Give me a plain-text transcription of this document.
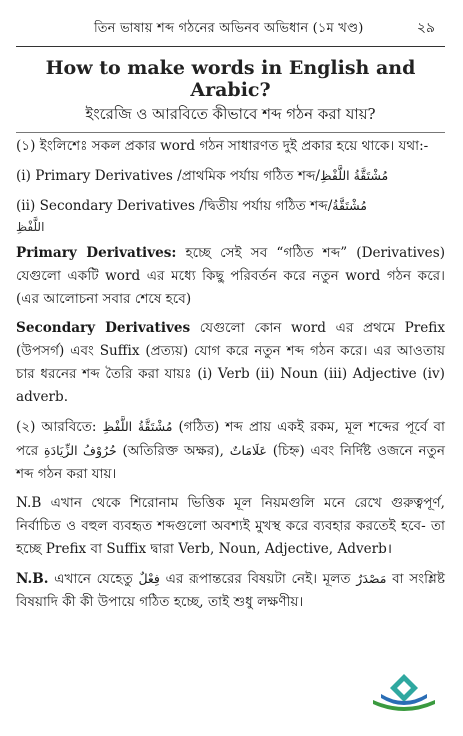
তিন ভাষায় শব্দ গঠনের অভিনব অভিধান (১ম খণ্ড)	২৯
How to make words in English and Arabic?
ইংরেজি ও আরবিতে কীভাবে শব্দ গঠন করা যায়?

(১) ইংলিশেঃ সকল প্রকার word গঠন সাধারণত দুই প্রকার হয়ে থাকে। যথা:-

(i) Primary Derivatives /প্রাথমিক পর্যায় গঠিত শব্দ/مُشْتَقَّةُ اللَّفْظِ

(ii) Secondary Derivatives /দ্বিতীয় পর্যায় গঠিত শব্দ/مُشْتَقَّةُ
اللَّفْظِ

Primary Derivatives: হচ্ছে সেই সব “গঠিত শব্দ” (Derivatives) যেগুলো একটি word এর মধ্যে কিছু পরিবর্তন করে নতুন word গঠন করে। (এর আলোচনা সবার শেষে হবে)

Secondary Derivatives যেগুলো কোন word এর প্রথমে Prefix (উপসর্গ) এবং Suffix (প্রত্যয়) যোগ করে নতুন শব্দ গঠন করে। এর আওতায় চার ধরনের শব্দ তৈরি করা যায়ঃ (i) Verb (ii) Noun (iii) Adjective (iv) adverb.

(২) আরবিতে: مُشْتَقَّةُ اللَّفْظِ (গঠিত) শব্দ প্রায় একই রকম, মূল শব্দের পূর্বে বা পরে حُرُوْفُ الزِّيَادَةِ (অতিরিক্ত অক্ষর), عَلَامَاتٌ (চিহ্ন) এবং নির্দিষ্ট ওজনে নতুন শব্দ গঠন করা যায়।

N.B এখান থেকে শিরোনাম ভিত্তিক মূল নিয়মগুলি মনে রেখে গুরুত্বপূর্ণ, নির্বাচিত ও বহুল ব্যবহৃত শব্দগুলো অবশ্যই মুখস্থ করে ব্যবহার করতেই হবে- তা হচ্ছে Prefix বা Suffix দ্বারা Verb, Noun, Adjective, Adverb।

N.B. এখানে যেহেতু فِعْلٌ এর রূপান্তরের বিষয়টা নেই। মূলত مَصْدَرٌ বা সংশ্লিষ্ট বিষয়াদি কী কী উপায়ে গঠিত হচ্ছে, তাই শুধু লক্ষণীয়।
